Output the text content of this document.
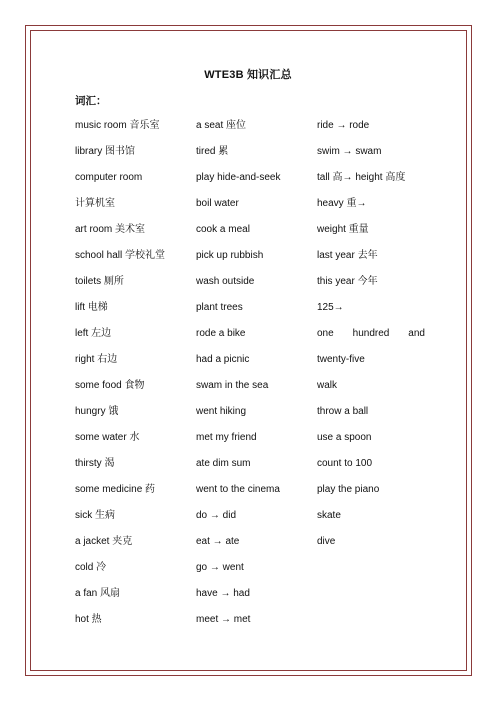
WTE3B 知识汇总
词汇：
music room 音乐室
library 图书馆
computer room
计算机室
art room 美术室
school hall 学校礼堂
toilets 厕所
lift 电梯
left 左边
right 右边
some food 食物
hungry 饿
some water 水
thirsty 渴
some medicine 药
sick 生病
a jacket 夹克
cold 冷
a fan 风扇
hot 热
a seat 座位
tired 累
play hide-and-seek
boil water
cook a meal
pick up rubbish
wash outside
plant trees
rode a bike
had a picnic
swam in the sea
went hiking
met my friend
ate dim sum
went to the cinema
do → did
eat → ate
go → went
have → had
meet → met
ride → rode
swim → swam
tall 高→ height 高度
heavy 重→
weight 重量
last year 去年
this year 今年
125→
one hundred and
twenty-five
walk
throw a ball
use a spoon
count to 100
play the piano
skate
dive
